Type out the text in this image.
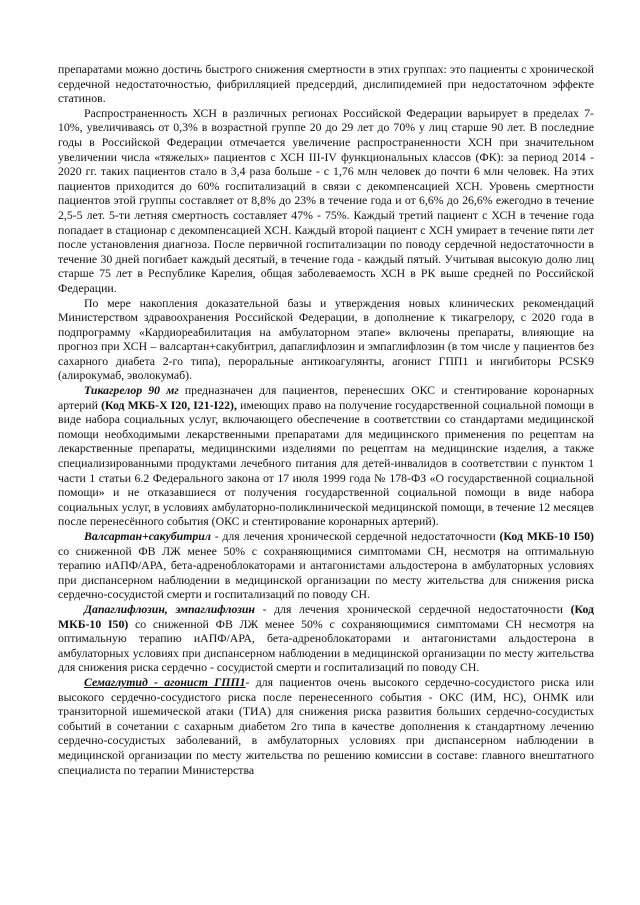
препаратами можно достичь быстрого снижения смертности в этих группах: это пациенты с хронической сердечной недостаточностью, фибрилляцией предсердий, дислипидемией при недостаточном эффекте статинов.

Распространенность ХСН в различных регионах Российской Федерации варьирует в пределах 7-10%, увеличиваясь от 0,3% в возрастной группе 20 до 29 лет до 70% у лиц старше 90 лет. В последние годы в Российской Федерации отмечается увеличение распространенности ХСН при значительном увеличении числа «тяжелых» пациентов с ХСН III-IV функциональных классов (ФК): за период 2014 - 2020 гг. таких пациентов стало в 3,4 раза больше - с 1,76 млн человек до почти 6 млн человек. На этих пациентов приходится до 60% госпитализаций в связи с декомпенсацией ХСН. Уровень смертности пациентов этой группы составляет от 8,8% до 23% в течение года и от 6,6% до 26,6% ежегодно в течение 2,5-5 лет. 5-ти летняя смертность составляет 47% - 75%. Каждый третий пациент с ХСН в течение года попадает в стационар с декомпенсацией ХСН. Каждый второй пациент с ХСН умирает в течение пяти лет после установления диагноза. После первичной госпитализации по поводу сердечной недостаточности в течение 30 дней погибает каждый десятый, в течение года - каждый пятый. Учитывая высокую долю лиц старше 75 лет в Республике Карелия, общая заболеваемость ХСН в РК выше средней по Российской Федерации.

По мере накопления доказательной базы и утверждения новых клинических рекомендаций Министерством здравоохранения Российской Федерации, в дополнение к тикагрелору, с 2020 года в подпрограмму «Кардиореабилитация на амбулаторном этапе» включены препараты, влияющие на прогноз при ХСН – валсартан+сакубитрил, дапаглифлозин и эмпаглифлозин (в том числе у пациентов без сахарного диабета 2-го типа), пероральные антикоагулянты, агонист ГПП1 и ингибиторы PCSK9 (алирокумаб, эволокумаб).

Тикагрелор 90 мг предназначен для пациентов, перенесших ОКС и стентирование коронарных артерий (Код МКБ-Х I20, I21-I22), имеющих право на получение государственной социальной помощи в виде набора социальных услуг, включающего обеспечение в соответствии со стандартами медицинской помощи необходимыми лекарственными препаратами для медицинского применения по рецептам на лекарственные препараты, медицинскими изделиями по рецептам на медицинские изделия, а также специализированными продуктами лечебного питания для детей-инвалидов в соответствии с пунктом 1 части 1 статьи 6.2 Федерального закона от 17 июля 1999 года № 178-ФЗ «О государственной социальной помощи» и не отказавшиеся от получения государственной социальной помощи в виде набора социальных услуг, в условиях амбулаторно-поликлинической медицинской помощи, в течение 12 месяцев после перенесённого события (ОКС и стентирование коронарных артерий).

Валсартан+сакубитрил - для лечения хронической сердечной недостаточности (Код МКБ-10 I50) со сниженной ФВ ЛЖ менее 50% с сохраняющимися симптомами СН, несмотря на оптимальную терапию иАПФ/АРА, бета-адреноблокаторами и антагонистами альдостерона в амбулаторных условиях при диспансерном наблюдении в медицинской организации по месту жительства для снижения риска сердечно-сосудистой смерти и госпитализаций по поводу СН.

Дапаглифлозин, эмпаглифлозин - для лечения хронической сердечной недостаточности (Код МКБ-10 I50) со сниженной ФВ ЛЖ менее 50% с сохраняющимися симптомами СН несмотря на оптимальную терапию иАПФ/АРА, бета-адреноблокаторами и антагонистами альдостерона в амбулаторных условиях при диспансерном наблюдении в медицинской организации по месту жительства для снижения риска сердечно - сосудистой смерти и госпитализаций по поводу СН.

Семаглутид - агонист ГПП1- для пациентов очень высокого сердечно-сосудистого риска или высокого сердечно-сосудистого риска после перенесенного события - ОКС (ИМ, НС), ОНМК или транзиторной ишемической атаки (ТИА) для снижения риска развития больших сердечно-сосудистых событий в сочетании с сахарным диабетом 2го типа в качестве дополнения к стандартному лечению сердечно-сосудистых заболеваний, в амбулаторных условиях при диспансерном наблюдении в медицинской организации по месту жительства по решению комиссии в составе: главного внештатного специалиста по терапии Министерства
